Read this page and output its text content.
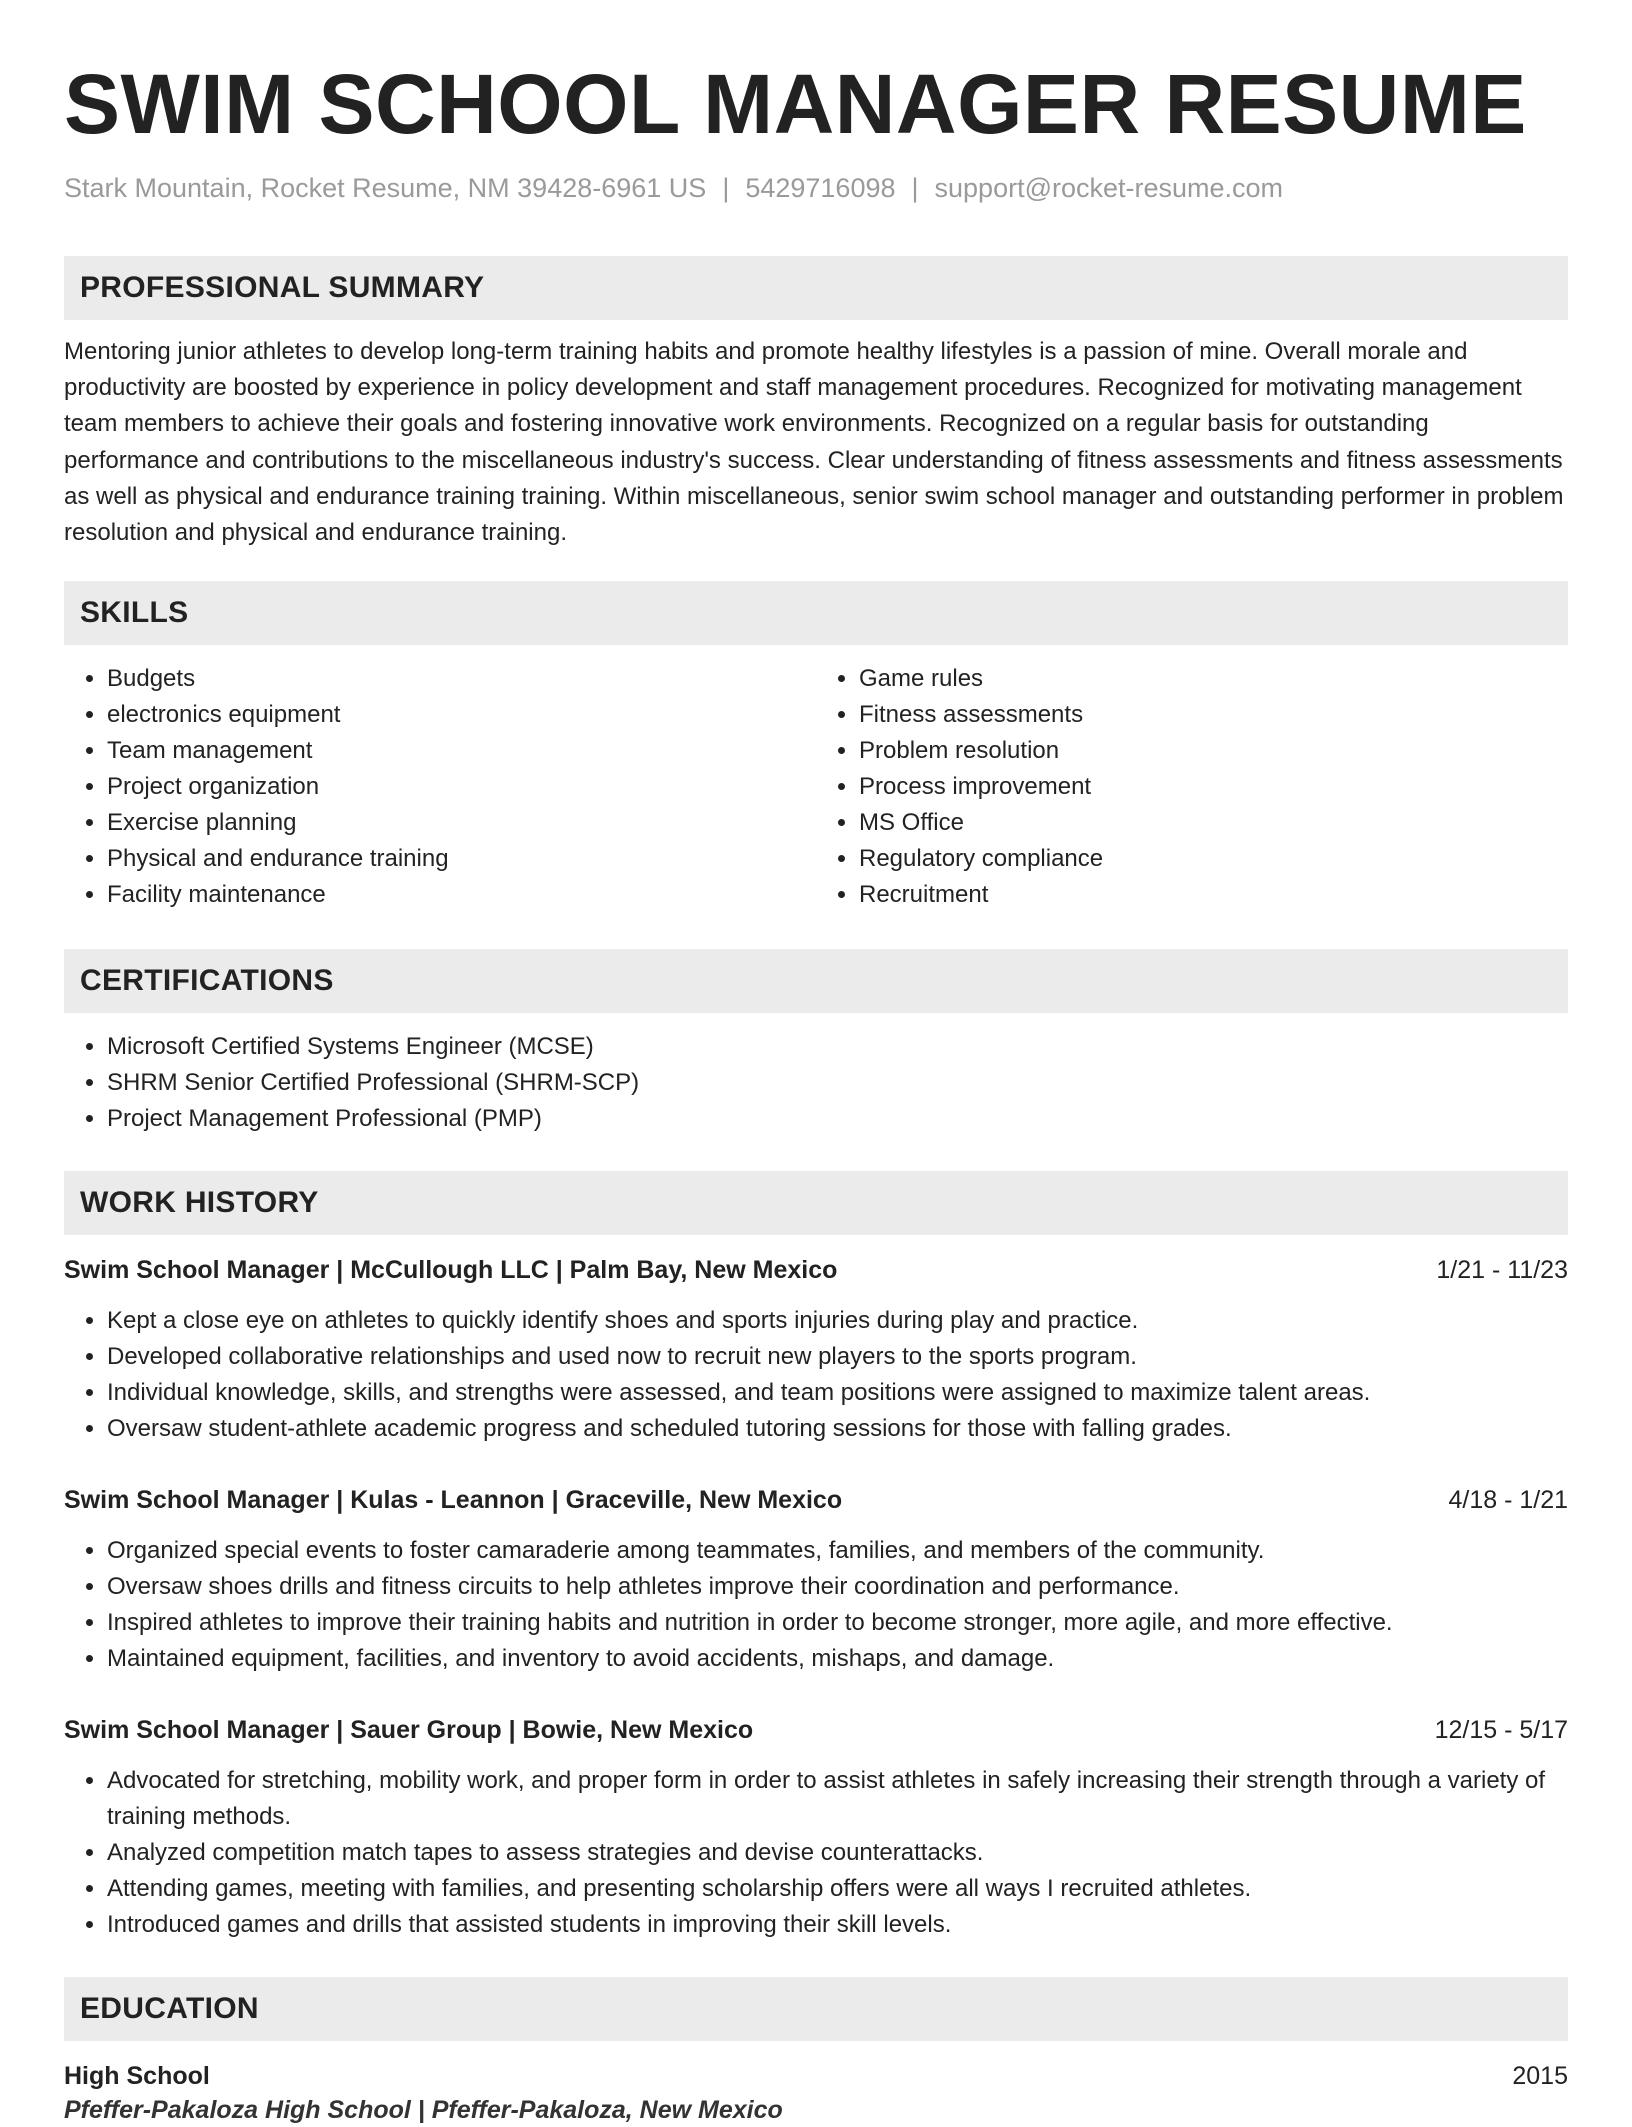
SWIM SCHOOL MANAGER RESUME
Stark Mountain, Rocket Resume, NM 39428-6961 US | 5429716098 | support@rocket-resume.com
PROFESSIONAL SUMMARY

Mentoring junior athletes to develop long-term training habits and promote healthy lifestyles is a passion of mine. Overall morale and productivity are boosted by experience in policy development and staff management procedures. Recognized for motivating management team members to achieve their goals and fostering innovative work environments. Recognized on a regular basis for outstanding performance and contributions to the miscellaneous industry's success. Clear understanding of fitness assessments and fitness assessments as well as physical and endurance training training. Within miscellaneous, senior swim school manager and outstanding performer in problem resolution and physical and endurance training.

SKILLS
• Budgets
• electronics equipment
• Team management
• Project organization
• Exercise planning
• Physical and endurance training
• Facility maintenance
• Game rules
• Fitness assessments
• Problem resolution
• Process improvement
• MS Office
• Regulatory compliance
• Recruitment
CERTIFICATIONS
• Microsoft Certified Systems Engineer (MCSE)
• SHRM Senior Certified Professional (SHRM-SCP)
• Project Management Professional (PMP)
WORK HISTORY
Swim School Manager | McCullough LLC | Palm Bay, New Mexico	1/21 - 11/23
• Kept a close eye on athletes to quickly identify shoes and sports injuries during play and practice.
• Developed collaborative relationships and used now to recruit new players to the sports program.
• Individual knowledge, skills, and strengths were assessed, and team positions were assigned to maximize talent areas.
• Oversaw student-athlete academic progress and scheduled tutoring sessions for those with falling grades.
Swim School Manager | Kulas - Leannon | Graceville, New Mexico	4/18 - 1/21
• Organized special events to foster camaraderie among teammates, families, and members of the community.
• Oversaw shoes drills and fitness circuits to help athletes improve their coordination and performance.
• Inspired athletes to improve their training habits and nutrition in order to become stronger, more agile, and more effective.
• Maintained equipment, facilities, and inventory to avoid accidents, mishaps, and damage.
Swim School Manager | Sauer Group | Bowie, New Mexico	12/15 - 5/17
• Advocated for stretching, mobility work, and proper form in order to assist athletes in safely increasing their strength through a variety of training methods.
• Analyzed competition match tapes to assess strategies and devise counterattacks.
• Attending games, meeting with families, and presenting scholarship offers were all ways I recruited athletes.
• Introduced games and drills that assisted students in improving their skill levels.
EDUCATION
High School	2015
Pfeffer-Pakaloza High School | Pfeffer-Pakaloza, New Mexico
